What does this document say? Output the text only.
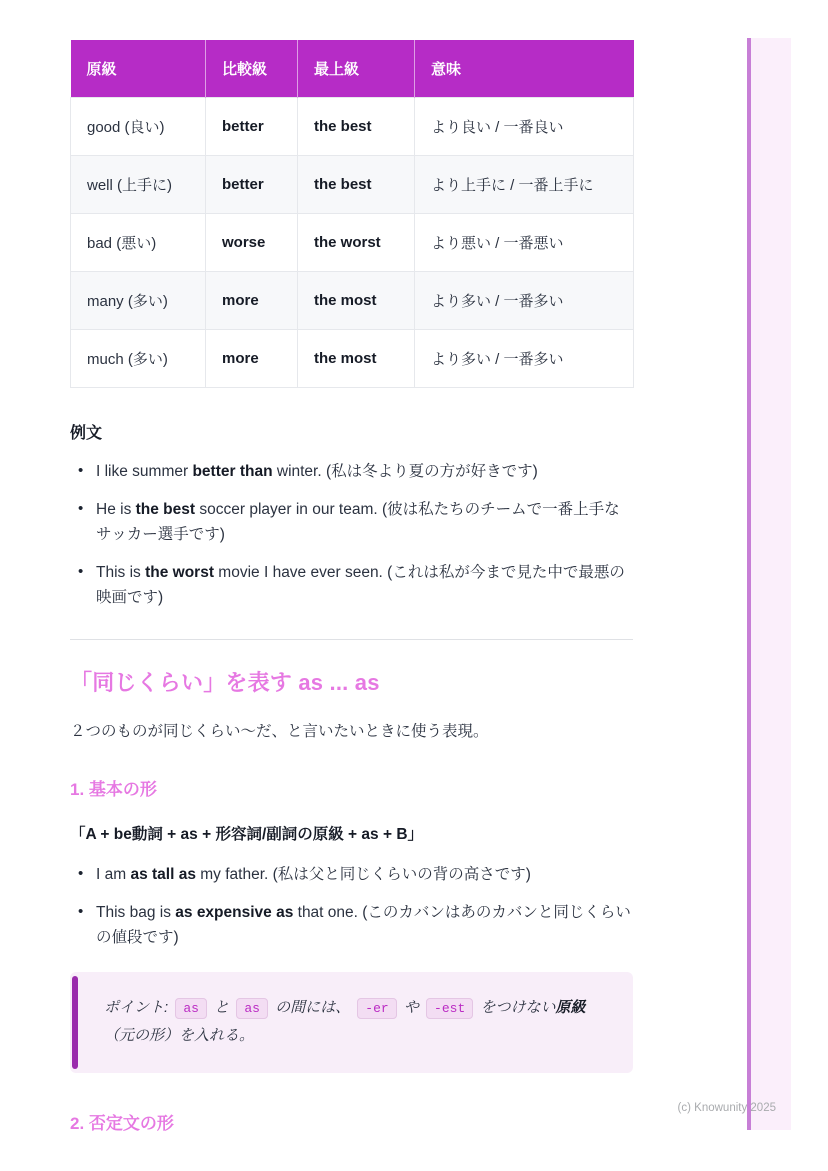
原級	比較級	最上級	意味
good (良い)	better	the best	より良い / 一番良い
well (上手に)	better	the best	より上手に / 一番上手に
bad (悪い)	worse	the worst	より悪い / 一番悪い
many (多い)	more	the most	より多い / 一番多い
much (多い)	more	the most	より多い / 一番多い
例文
• I like summer better than winter. (私は冬より夏の方が好きです)
• He is the best soccer player in our team. (彼は私たちのチームで一番上手なサッカー選手です)
• This is the worst movie I have ever seen. (これは私が今まで見た中で最悪の映画です)
「同じくらい」を表す as ... as

２つのものが同じくらい〜だ、と言いたいときに使う表現。

1. 基本の形

「A + be動詞 + as + 形容詞/副詞の原級 + as + B」

• I am as tall as my father. (私は父と同じくらいの背の高さです)
• This bag is as expensive as that one. (このカバンはあのカバンと同じくらいの値段です)
ポイント: as と as の間には、 -er や -est をつけない原級（元の形）を入れる。
2. 否定文の形
(c) Knowunity 2025
